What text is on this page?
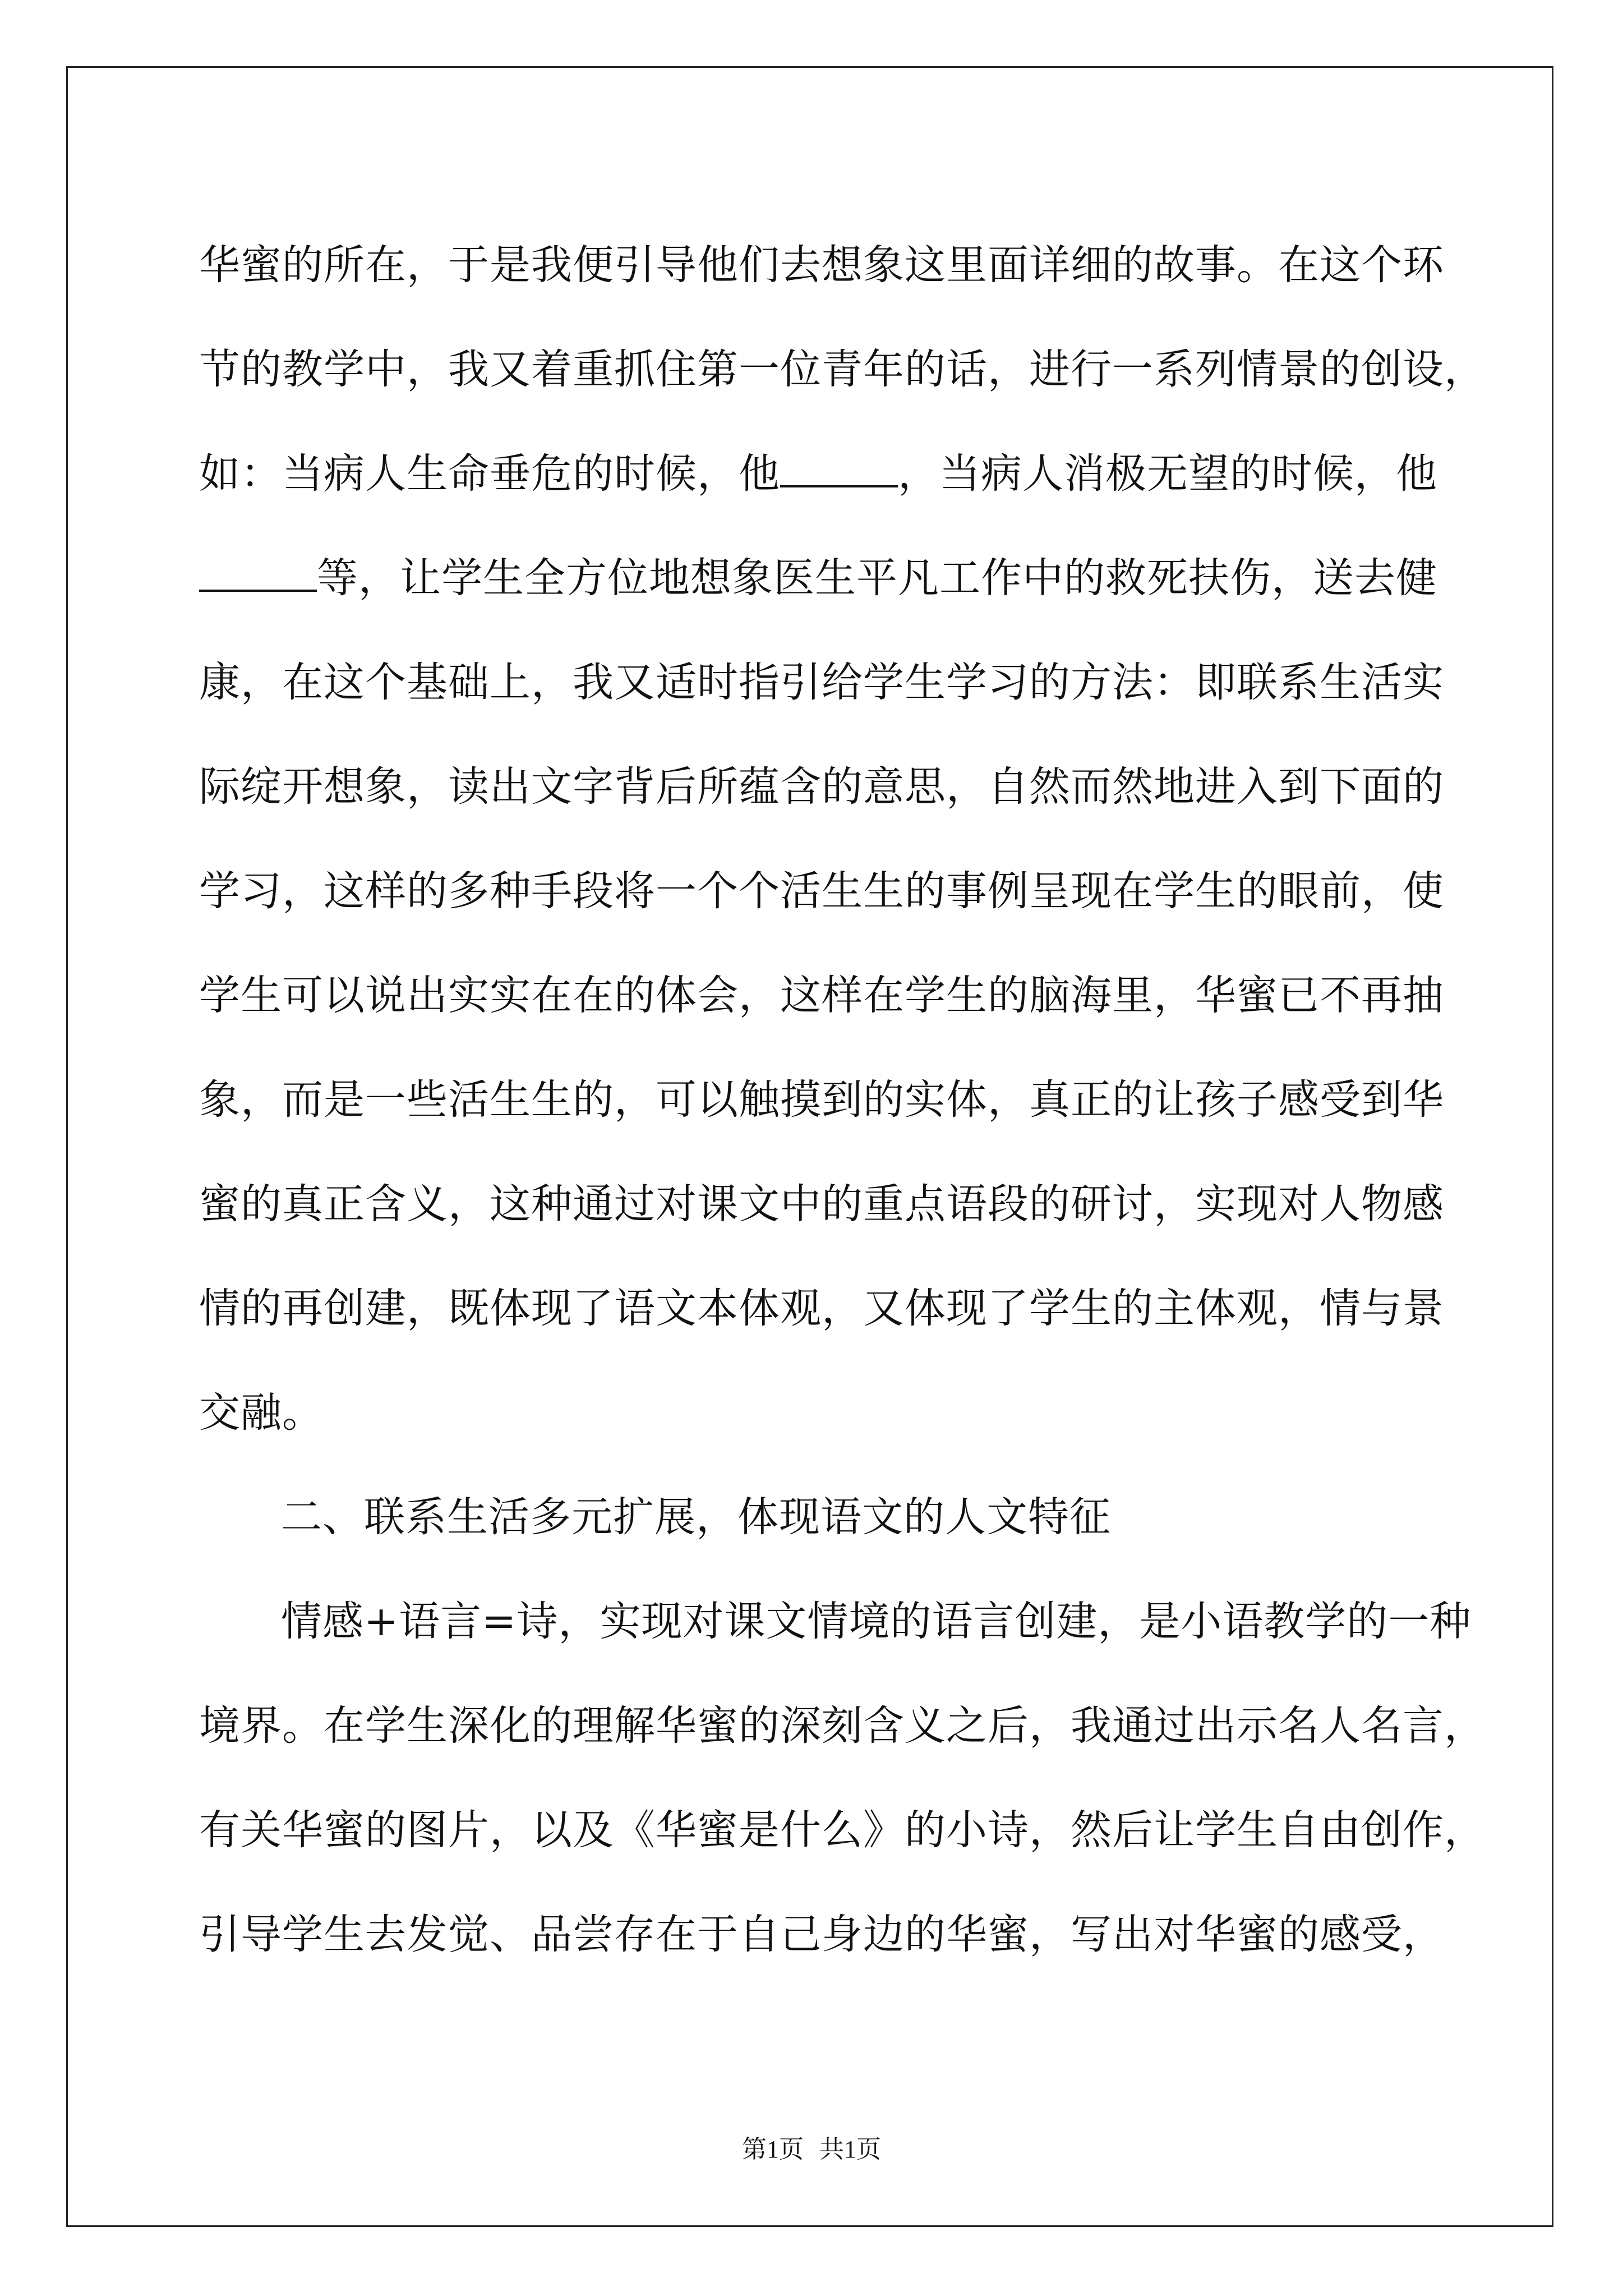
华蜜的所在，于是我便引导他们去想象这里面详细的故事。在这个环
节的教学中，我又着重抓住第一位青年的话，进行一系列情景的创设，
如：当病人生命垂危的时候，他	，当病人消极无望的时候，他
等，让学生全方位地想象医生平凡工作中的救死扶伤，送去健
康，在这个基础上，我又适时指引给学生学习的方法：即联系生活实
际绽开想象，读出文字背后所蕴含的意思，自然而然地进入到下面的
学习，这样的多种手段将一个个活生生的事例呈现在学生的眼前，使
学生可以说出实实在在的体会，这样在学生的脑海里，华蜜已不再抽
象，而是一些活生生的，可以触摸到的实体，真正的让孩子感受到华
蜜的真正含义，这种通过对课文中的重点语段的研讨，实现对人物感
情的再创建，既体现了语文本体观，又体现了学生的主体观，情与景
交融。
二、联系生活多元扩展，体现语文的人文特征
情感+语言=诗，实现对课文情境的语言创建，是小语教学的一种
境界。在学生深化的理解华蜜的深刻含义之后，我通过出示名人名言，
有关华蜜的图片，以及《华蜜是什么》的小诗，然后让学生自由创作，
引导学生去发觉、品尝存在于自己身边的华蜜，写出对华蜜的感受，
第1页 共1页
